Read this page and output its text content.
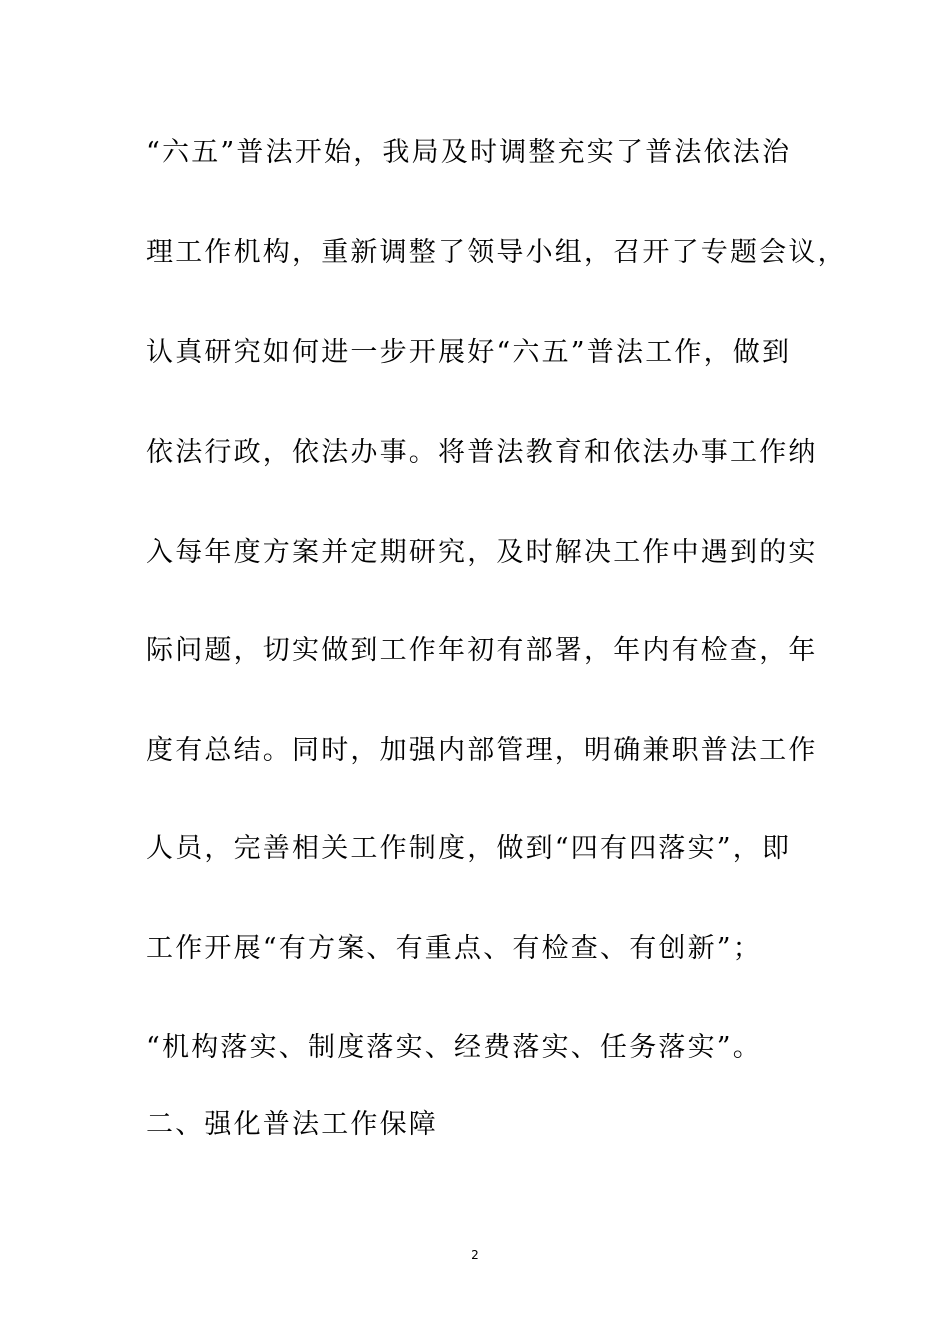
“六五”普法开始，我局及时调整充实了普法依法治
理工作机构，重新调整了领导小组，召开了专题会议，
认真研究如何进一步开展好“六五”普法工作，做到
依法行政，依法办事。将普法教育和依法办事工作纳
入每年度方案并定期研究，及时解决工作中遇到的实
际问题，切实做到工作年初有部署，年内有检查，年
度有总结。同时，加强内部管理，明确兼职普法工作
人员，完善相关工作制度，做到“四有四落实”，即
工作开展“有方案、有重点、有检查、有创新”；
“机构落实、制度落实、经费落实、任务落实”。
二、强化普法工作保障
2
